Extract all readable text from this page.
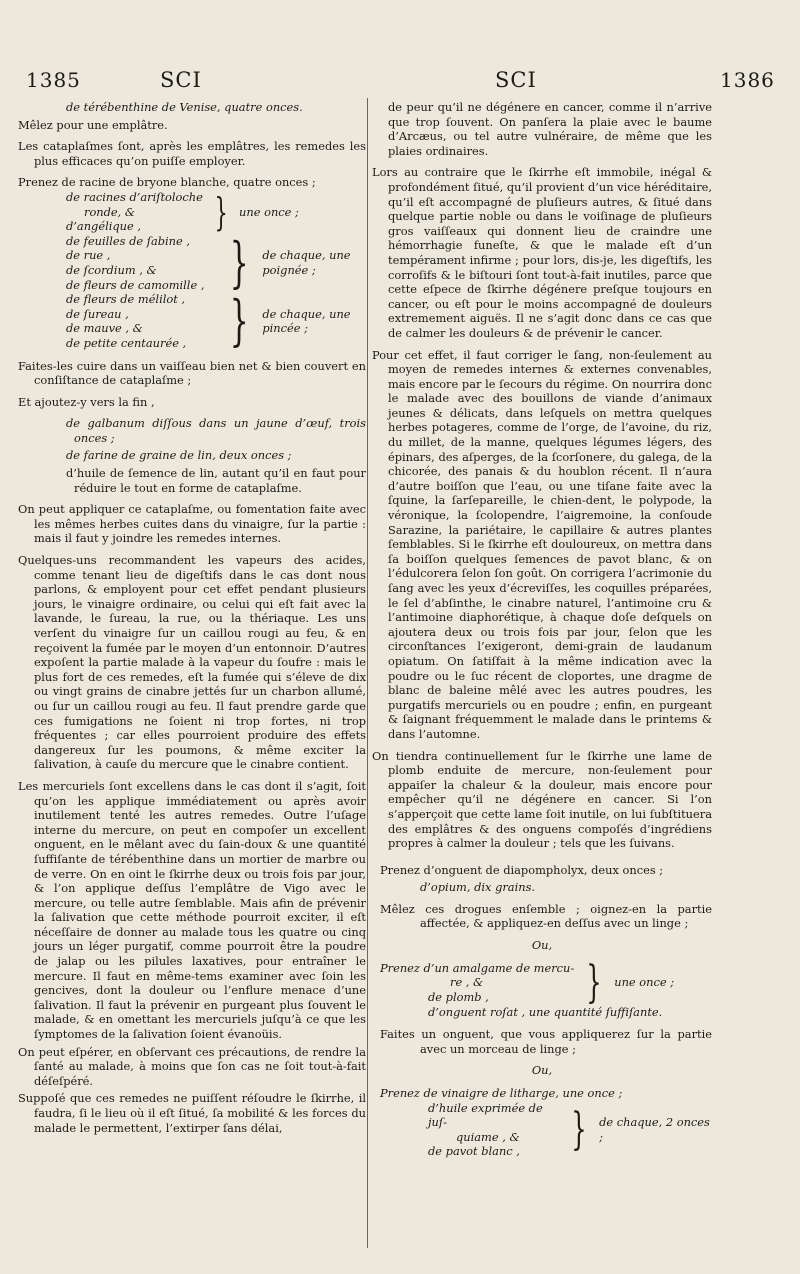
1385	SCI	SCI	1386
de térébenthine de Venise, quatre onces.
Mêlez pour une emplâtre.
Les cataplaſmes ſont, après les emplâtres, les remedes les plus efficaces qu’on puiſſe employer.
Prenez de racine de bryone blanche, quatre onces ;
de racines d’ariſtoloche
ronde, &
d’angélique ,	} une once ;
de feuilles de ſabine ,
de rue ,
de ſcordium , &
de fleurs de camomille , } de chaque, une poignée ;
de fleurs de mélilot ,
de ſureau ,
de mauve , &
de petite centaurée , } de chaque, une pincée ;
Faites-les cuire dans un vaiſſeau bien net & bien couvert en conſiſtance de cataplaſme ;
Et ajoutez-y vers la fin ,
de galbanum diſſous dans un jaune d’œuf, trois onces ;
de farine de graine de lin, deux onces ;
d’huile de ſemence de lin, autant qu’il en faut pour réduire le tout en forme de cataplaſme.
On peut appliquer ce cataplaſme, ou fomentation faite avec les mêmes herbes cuites dans du vinaigre, ſur la partie : mais il faut y joindre les remedes internes.
Quelques-uns recommandent les vapeurs des acides, comme tenant lieu de digeſtifs dans le cas dont nous parlons, & employent pour cet effet pendant plusieurs jours, le vinaigre ordinaire, ou celui qui eſt fait avec la lavande, le ſureau, la rue, ou la thériaque. Les uns verſent du vinaigre ſur un caillou rougi au feu, & en reçoivent la fumée par le moyen d’un entonnoir. D’autres expoſent la partie malade à la vapeur du ſoufre : mais le plus fort de ces remedes, eſt la fumée qui s’éleve de dix ou vingt grains de cinabre jettés ſur un charbon allumé, ou ſur un caillou rougi au feu. Il faut prendre garde que ces fumigations ne ſoient ni trop fortes, ni trop fréquentes ; car elles pourroient produire des effets dangereux ſur les poumons, & même exciter la ſalivation, à cauſe du mercure que le cinabre contient.
Les mercuriels ſont excellens dans le cas dont il s’agit, ſoit qu’on les applique immédiatement ou après avoir inutilement tenté les autres remedes. Outre l’uſage interne du mercure, on peut en compoſer un excellent onguent, en le mêlant avec du ſain-doux & une quantité ſuffiſante de térébenthine dans un mortier de marbre ou de verre. On en oint le ſkirrhe deux ou trois fois par jour, & l’on applique deſſus l’emplâtre de Vigo avec le mercure, ou telle autre ſemblable. Mais afin de prévenir la ſalivation que cette méthode pourroit exciter, il eſt néceſſaire de donner au malade tous les quatre ou cinq jours un léger purgatif, comme pourroit être la poudre de jalap ou les pilules laxatives, pour entraîner le mercure. Il faut en même-tems examiner avec ſoin les gencives, dont la douleur ou l’enflure menace d’une ſalivation. Il faut la prévenir en purgeant plus ſouvent le malade, & en omettant les mercuriels juſqu’à ce que les ſymptomes de la ſalivation ſoient évanoüis.
On peut eſpérer, en obſervant ces précautions, de rendre la ſanté au malade, à moins que ſon cas ne ſoit tout-à-fait déſeſpéré.
Suppoſé que ces remedes ne puiſſent réſoudre le ſkirrhe, il faudra, ſi le lieu où il eſt ſitué, ſa mobilité & les forces du malade le permettent, l’extirper ſans délai,
de peur qu’il ne dégénere en cancer, comme il n’arrive que trop ſouvent. On panſera la plaie avec le baume d’Arcæus, ou tel autre vulnéraire, de même que les plaies ordinaires.
Lors au contraire que le ſkirrhe eſt immobile, inégal & profondément ſitué, qu’il provient d’un vice héréditaire, qu’il eſt accompagné de pluſieurs autres, & ſitué dans quelque partie noble ou dans le voiſinage de pluſieurs gros vaiſſeaux qui donnent lieu de craindre une hémorrhagie funeſte, & que le malade eſt d’un tempérament infirme ; pour lors, dis-je, les digeſtifs, les corroſifs & le biſtouri ſont tout-à-fait inutiles, parce que cette eſpece de ſkirrhe dégénere preſque toujours en cancer, ou eſt pour le moins accompagné de douleurs extremement aiguës. Il ne s’agit donc dans ce cas que de calmer les douleurs & de prévenir le cancer.
Pour cet effet, il faut corriger le ſang, non-ſeulement au moyen de remedes internes & externes convenables, mais encore par le ſecours du régime. On nourrira donc le malade avec des bouillons de viande d’animaux jeunes & délicats, dans leſquels on mettra quelques herbes potageres, comme de l’orge, de l’avoine, du riz, du millet, de la manne, quelques légumes légers, des épinars, des aſperges, de la ſcorſonere, du galega, de la chicorée, des panais & du houblon récent. Il n’aura d’autre boiſſon que l’eau, ou une tiſane faite avec la ſquine, la ſarſepareille, le chien-dent, le polypode, la véronique, la ſcolopendre, l’aigremoine, la conſoude Sarazine, la pariétaire, le capillaire & autres plantes ſemblables. Si le ſkirrhe eſt douloureux, on mettra dans ſa boiſſon quelques ſemences de pavot blanc, & on l’édulcorera ſelon ſon goût. On corrigera l’acrimonie du ſang avec les yeux d’écreviſſes, les coquilles préparées, le ſel d’abſinthe, le cinabre naturel, l’antimoine cru & l’antimoine diaphorétique, à chaque doſe deſquels on ajoutera deux ou trois fois par jour, ſelon que les circonſtances l’exigeront, demi-grain de laudanum opiatum. On ſatiſfait à la même indication avec la poudre ou le ſuc récent de cloportes, une dragme de blanc de baleine mêlé avec les autres poudres, les purgatifs mercuriels ou en poudre ; enfin, en purgeant & ſaignant fréquemment le malade dans le printems & dans l’automne.
On tiendra continuellement ſur le ſkirrhe une lame de plomb enduite de mercure, non-ſeulement pour appaiſer la chaleur & la douleur, mais encore pour empêcher qu’il ne dégénere en cancer. Si l’on s’apperçoit que cette lame ſoit inutile, on lui ſubſtituera des emplâtres & des onguens compoſés d’ingrédiens propres à calmer la douleur ; tels que les ſuivans.
Prenez d’onguent de diapompholyx, deux onces ;
d’opium, dix grains.
Mêlez ces drogues enſemble ; oignez-en la partie affectée, & appliquez-en deſſus avec un linge ;
Ou,
Prenez d’un amalgame de mercu-
re , &
de plomb ,	} une once ;
d’onguent roſat , une quantité ſuffiſante.
Faites un onguent, que vous appliquerez ſur la partie avec un morceau de linge ;
Ou,
Prenez de vinaigre de litharge, une once ;
d’huile exprimée de juſ-
quiame , &
de pavot blanc ,	} de chaque, 2 onces ;
